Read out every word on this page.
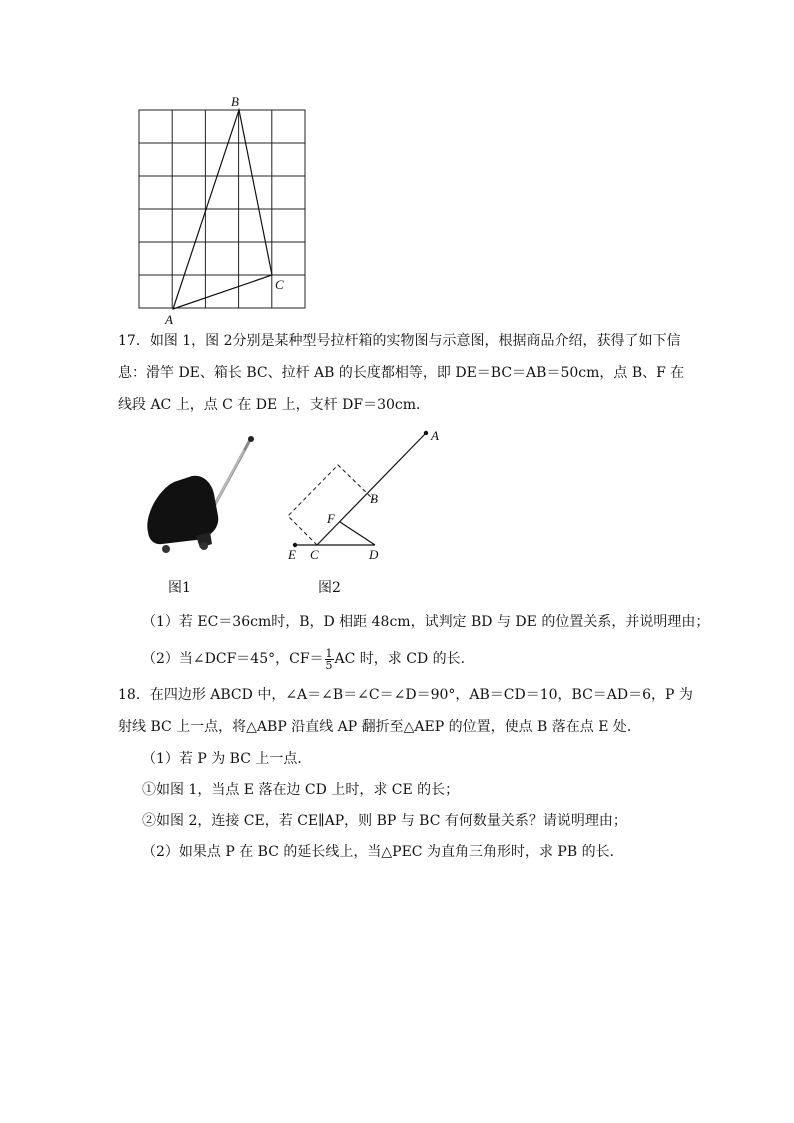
B
A
C
17．如图 1，图 2分别是某种型号拉杆箱的实物图与示意图，根据商品介绍，获得了如下信
息：滑竿 DE、箱长 BC、拉杆 AB 的长度都相等，即 DE＝BC＝AB＝50cm，点 B、F 在
线段 AC 上，点 C 在 DE 上，支杆 DF＝30cm．
图1
A
B
F
E C	D
图2
（1）若 EC＝36cm时，B，D 相距 48cm，试判定 BD 与 DE 的位置关系，并说明理由；
（2）当∠DCF＝45°，$CF= \frac{1}{5}$ AC 时，求 CD 的长．
18．在四边形 ABCD 中，∠A＝∠B＝∠C＝∠D＝90°，AB＝CD＝10，BC＝AD＝6，P 为
射线 BC 上一点，将△ABP 沿直线 AP 翻折至△AEP 的位置，使点 B 落在点 E 处．
（1）若 P 为 BC 上一点．
①如图 1，当点 E 落在边 CD 上时，求 CE 的长；
②如图 2，连接 CE，若 CE∥AP，则 BP 与 BC 有何数量关系？请说明理由；
（2）如果点 P 在 BC 的延长线上，当△PEC 为直角三角形时，求 PB 的长．
